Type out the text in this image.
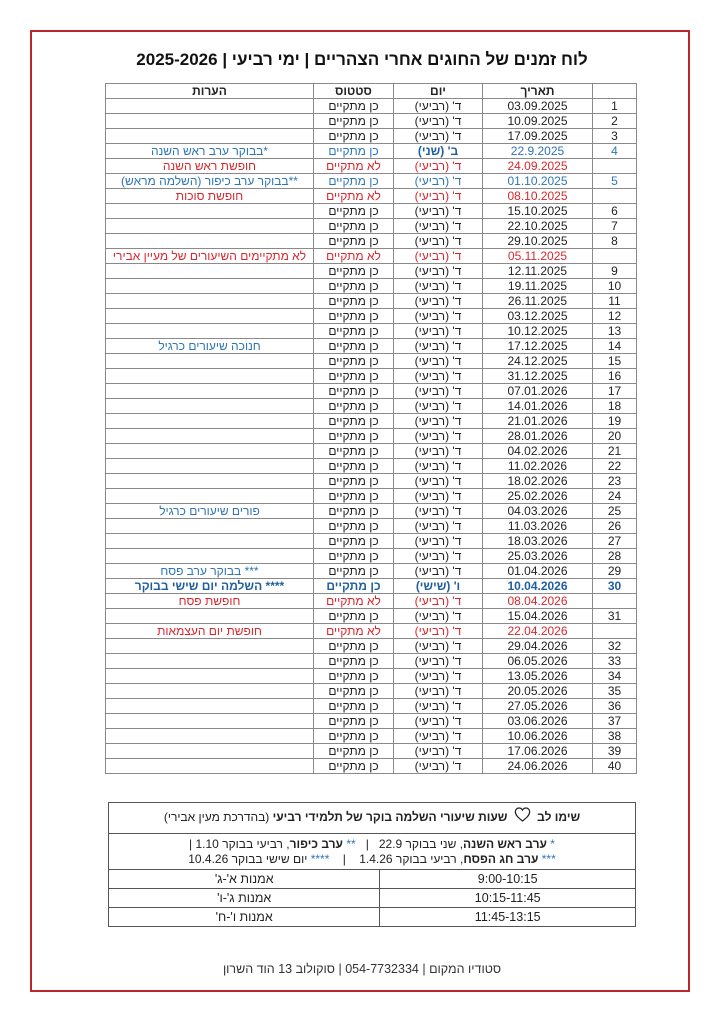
לוח זמנים של החוגים אחרי הצהריים | ימי רביעי | 2025-2026
	תאריך	יום	סטטוס	הערות
1	03.09.2025	ד' (רביעי)	כן מתקיים	
2	10.09.2025	ד' (רביעי)	כן מתקיים	
3	17.09.2025	ד' (רביעי)	כן מתקיים	
4	22.9.2025	ב' (שני)	כן מתקיים	*בבוקר ערב ראש השנה
	24.09.2025	ד' (רביעי)	לא מתקיים	חופשת ראש השנה
5	01.10.2025	ד' (רביעי)	כן מתקיים	**בבוקר ערב כיפור (השלמה מראש)
	08.10.2025	ד' (רביעי)	לא מתקיים	חופשת סוכות
6	15.10.2025	ד' (רביעי)	כן מתקיים	
7	22.10.2025	ד' (רביעי)	כן מתקיים	
8	29.10.2025	ד' (רביעי)	כן מתקיים	
	05.11.2025	ד' (רביעי)	לא מתקיים	לא מתקיימים השיעורים של מעיין אבירי
9	12.11.2025	ד' (רביעי)	כן מתקיים	
10	19.11.2025	ד' (רביעי)	כן מתקיים	
11	26.11.2025	ד' (רביעי)	כן מתקיים	
12	03.12.2025	ד' (רביעי)	כן מתקיים	
13	10.12.2025	ד' (רביעי)	כן מתקיים	
14	17.12.2025	ד' (רביעי)	כן מתקיים	חנוכה שיעורים כרגיל
15	24.12.2025	ד' (רביעי)	כן מתקיים	
16	31.12.2025	ד' (רביעי)	כן מתקיים	
17	07.01.2026	ד' (רביעי)	כן מתקיים	
18	14.01.2026	ד' (רביעי)	כן מתקיים	
19	21.01.2026	ד' (רביעי)	כן מתקיים	
20	28.01.2026	ד' (רביעי)	כן מתקיים	
21	04.02.2026	ד' (רביעי)	כן מתקיים	
22	11.02.2026	ד' (רביעי)	כן מתקיים	
23	18.02.2026	ד' (רביעי)	כן מתקיים	
24	25.02.2026	ד' (רביעי)	כן מתקיים	
25	04.03.2026	ד' (רביעי)	כן מתקיים	פורים שיעורים כרגיל
26	11.03.2026	ד' (רביעי)	כן מתקיים	
27	18.03.2026	ד' (רביעי)	כן מתקיים	
28	25.03.2026	ד' (רביעי)	כן מתקיים	
29	01.04.2026	ד' (רביעי)	כן מתקיים	*** בבוקר ערב פסח
30	10.04.2026	ו' (שישי)	כן מתקיים	**** השלמה יום שישי בבוקר
	08.04.2026	ד' (רביעי)	לא מתקיים	חופשת פסח
31	15.04.2026	ד' (רביעי)	כן מתקיים	
	22.04.2026	ד' (רביעי)	לא מתקיים	חופשת יום העצמאות
32	29.04.2026	ד' (רביעי)	כן מתקיים	
33	06.05.2026	ד' (רביעי)	כן מתקיים	
34	13.05.2026	ד' (רביעי)	כן מתקיים	
35	20.05.2026	ד' (רביעי)	כן מתקיים	
36	27.05.2026	ד' (רביעי)	כן מתקיים	
37	03.06.2026	ד' (רביעי)	כן מתקיים	
38	10.06.2026	ד' (רביעי)	כן מתקיים	
39	17.06.2026	ד' (רביעי)	כן מתקיים	
40	24.06.2026	ד' (רביעי)	כן מתקיים	
שימו לב  שעות שיעורי השלמה בוקר של תלמידי רביעי (בהדרכת מעין אבירי)
* ערב ראש השנה, שני בבוקר 22.9   |   ** ערב כיפור, רביעי בבוקר 1.10 |
*** ערב חג הפסח, רביעי בבוקר 1.4.26    |    **** יום שישי בבוקר 10.4.26
9:00-10:15	אמנות א'-ג'
10:15-11:45	אמנות ג'-ו'
11:45-13:15	אמנות ו'-ח'
סטודיו המקום | 054-7732334 | סוקולוב 13 הוד השרון
